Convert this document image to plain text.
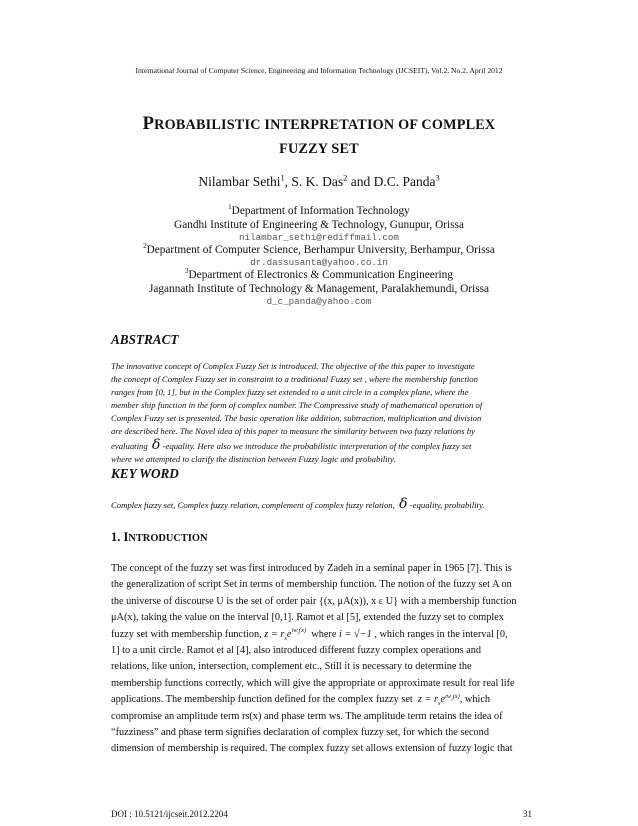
International Journal of Computer Science, Engineering and Information Technology (IJCSEIT), Vol.2, No.2, April 2012
PROBABILISTIC INTERPRETATION OF COMPLEX
FUZZY SET
Nilambar Sethi$^1$, S. K. Das$^2$ and D.C. Panda$^3$
$^1$Department of Information Technology
Gandhi Institute of Engineering & Technology, Gunupur, Orissa
nilambar_sethi@rediffmail.com
$^2$Department of Computer Science, Berhampur University, Berhampur, Orissa
dr.dassusanta@yahoo.co.in
$^3$Department of Electronics & Communication Engineering
Jagannath Institute of Technology & Management, Paralakhemundi, Orissa
d_c_panda@yahoo.com
ABSTRACT
The innovative concept of Complex Fuzzy Set is introduced. The objective of the this paper to investigate
the concept of Complex Fuzzy set in constraint to a traditional Fuzzy set , where the membership function
ranges from [0, 1], but in the Complex fuzzy set extended to a unit circle in a complex plane, where the
member ship function in the form of complex number. The Compressive study of mathematical operation of
Complex Fuzzy set is presented. The basic operation like addition, subtraction, multiplication and division
are described here. The Novel idea of this paper to measure the similarity between two fuzzy relations by
evaluating δ -equality. Here also we introduce the probabilistic interpretation of the complex fuzzy set
where we attempted to clarify the distinction between Fuzzy logic and probability.
KEY WORD
Complex fuzzy set, Complex fuzzy relation, complement of complex fuzzy relation, δ -equality, probability.
1. INTRODUCTION
The concept of the fuzzy set was first introduced by Zadeh in a seminal paper in 1965 [7]. This is
the generalization of script Set in terms of membership function. The notion of the fuzzy set A on
the universe of discourse U is the set of order pair {(x, μA(x)), x ε U} with a membership function
μA(x), taking the value on the interval [0,1]. Ramot et al [5], extended the fuzzy set to complex
fuzzy set with membership function, $z = r_se^{iw_s(x)}$ where i = √−1 , which ranges in the interval [0,
1] to a unit circle. Ramot et al [4], also introduced different fuzzy complex operations and
relations, like union, intersection, complement etc., Still it is necessary to determine the
membership functions correctly, which will give the appropriate or approximate result for real life
applications. The membership function defined for the complex fuzzy set $z = r_se^{iw_s(x)}$, which
compromise an amplitude term rs(x) and phase term ws. The amplitude term retains the idea of
“fuzziness” and phase term signifies declaration of complex fuzzy set, for which the second
dimension of membership is required. The complex fuzzy set allows extension of fuzzy logic that
DOI : 10.5121/ijcseit.2012.2204	31
